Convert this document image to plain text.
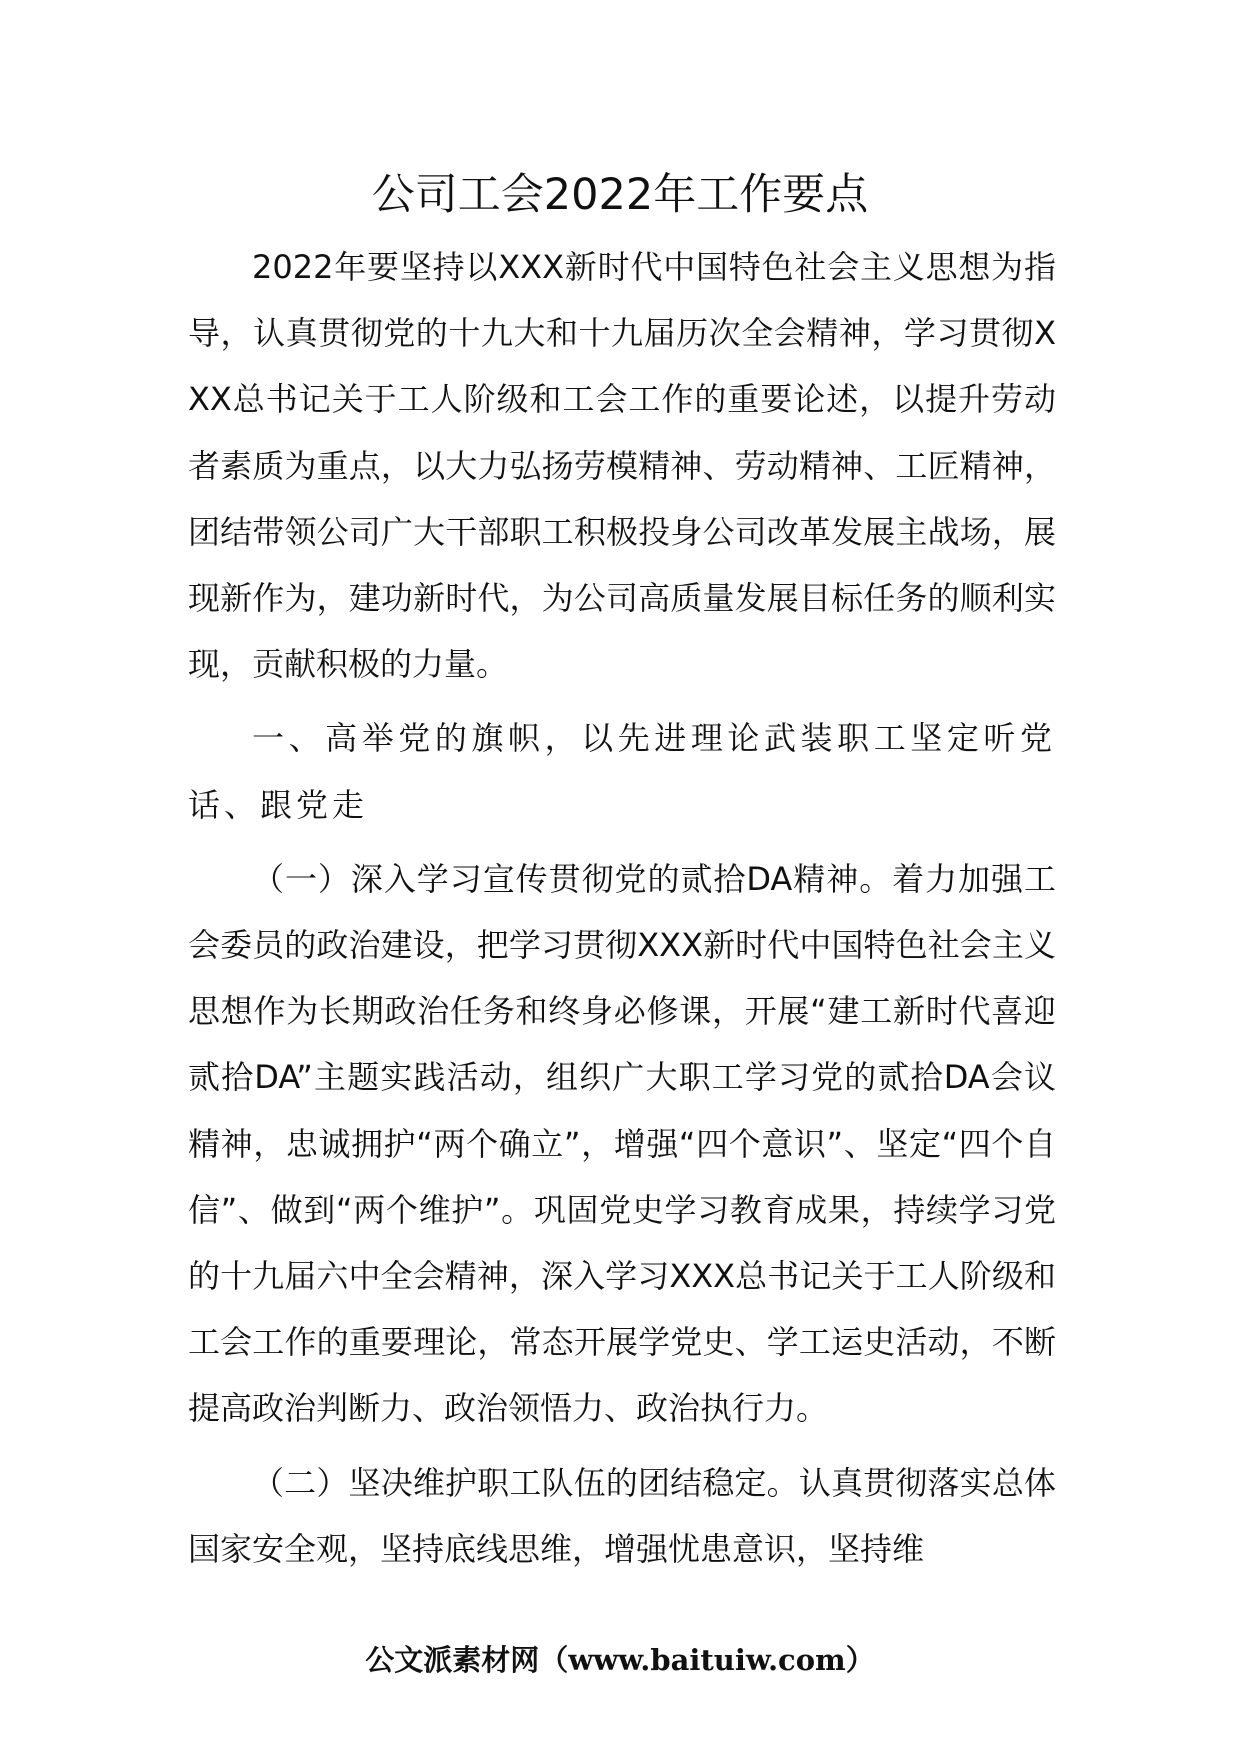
公司工会2022年工作要点

2022年要坚持以XXX新时代中国特色社会主义思想为指导，认真贯彻党的十九大和十九届历次全会精神，学习贯彻XXX总书记关于工人阶级和工会工作的重要论述，以提升劳动者素质为重点，以大力弘扬劳模精神、劳动精神、工匠精神，团结带领公司广大干部职工积极投身公司改革发展主战场，展现新作为，建功新时代，为公司高质量发展目标任务的顺利实现，贡献积极的力量。

一、高举党的旗帜，以先进理论武装职工坚定听党话、跟党走

（一）深入学习宣传贯彻党的贰拾DA精神。着力加强工会委员的政治建设，把学习贯彻XXX新时代中国特色社会主义思想作为长期政治任务和终身必修课，开展“建工新时代喜迎贰拾DA”主题实践活动，组织广大职工学习党的贰拾DA会议精神，忠诚拥护“两个确立”，增强“四个意识”、坚定“四个自信”、做到“两个维护”。巩固党史学习教育成果，持续学习党的十九届六中全会精神，深入学习XXX总书记关于工人阶级和工会工作的重要理论，常态开展学党史、学工运史活动，不断提高政治判断力、政治领悟力、政治执行力。

（二）坚决维护职工队伍的团结稳定。认真贯彻落实总体国家安全观，坚持底线思维，增强忧患意识，坚持维

公文派素材网（www.baituiw.com）
